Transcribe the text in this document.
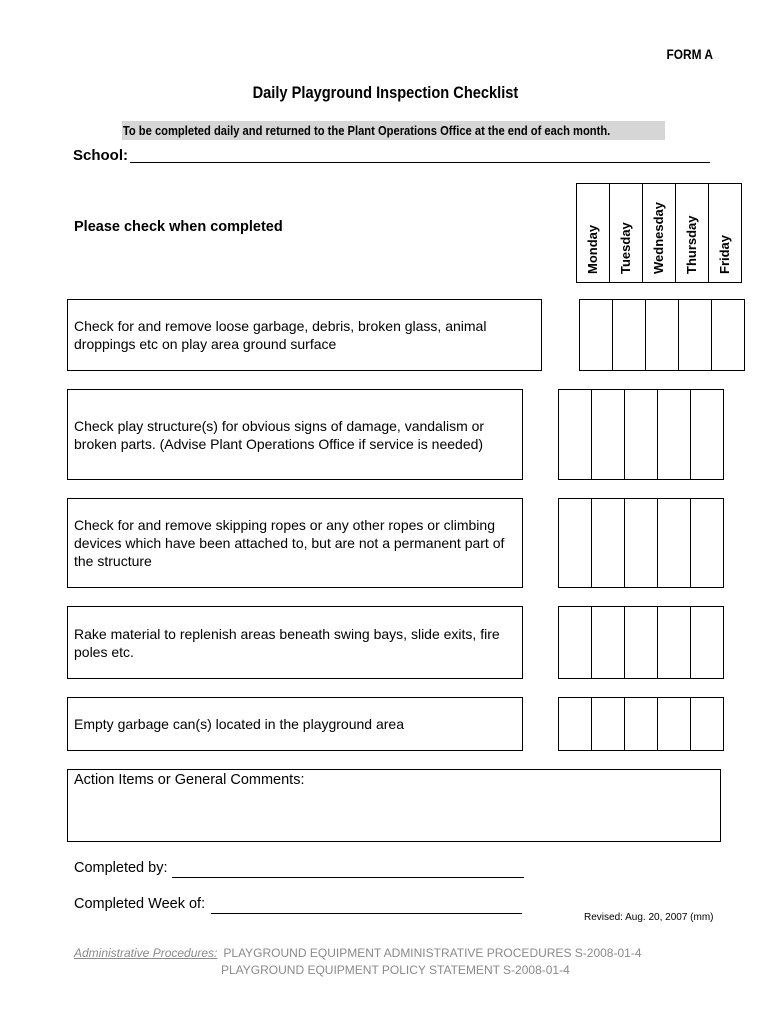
FORM A
Daily Playground Inspection Checklist
To be completed daily and returned to the Plant Operations Office at the end of each month.
School:
Please check when completed	Monday Tuesday Wednesday Thursday Friday
Check for and remove loose garbage, debris, broken glass, animal droppings etc on play area ground surface
Check play structure(s) for obvious signs of damage, vandalism or broken parts. (Advise Plant Operations Office if service is needed)
Check for and remove skipping ropes or any other ropes or climbing devices which have been attached to, but are not a permanent part of the structure
Rake material to replenish areas beneath swing bays, slide exits, fire poles etc.
Empty garbage can(s) located in the playground area
Action Items or General Comments:
Completed by:
Completed Week of:
Revised: Aug. 20, 2007 (mm)
Administrative Procedures: PLAYGROUND EQUIPMENT ADMINISTRATIVE PROCEDURES S-2008-01-4
PLAYGROUND EQUIPMENT POLICY STATEMENT S-2008-01-4
